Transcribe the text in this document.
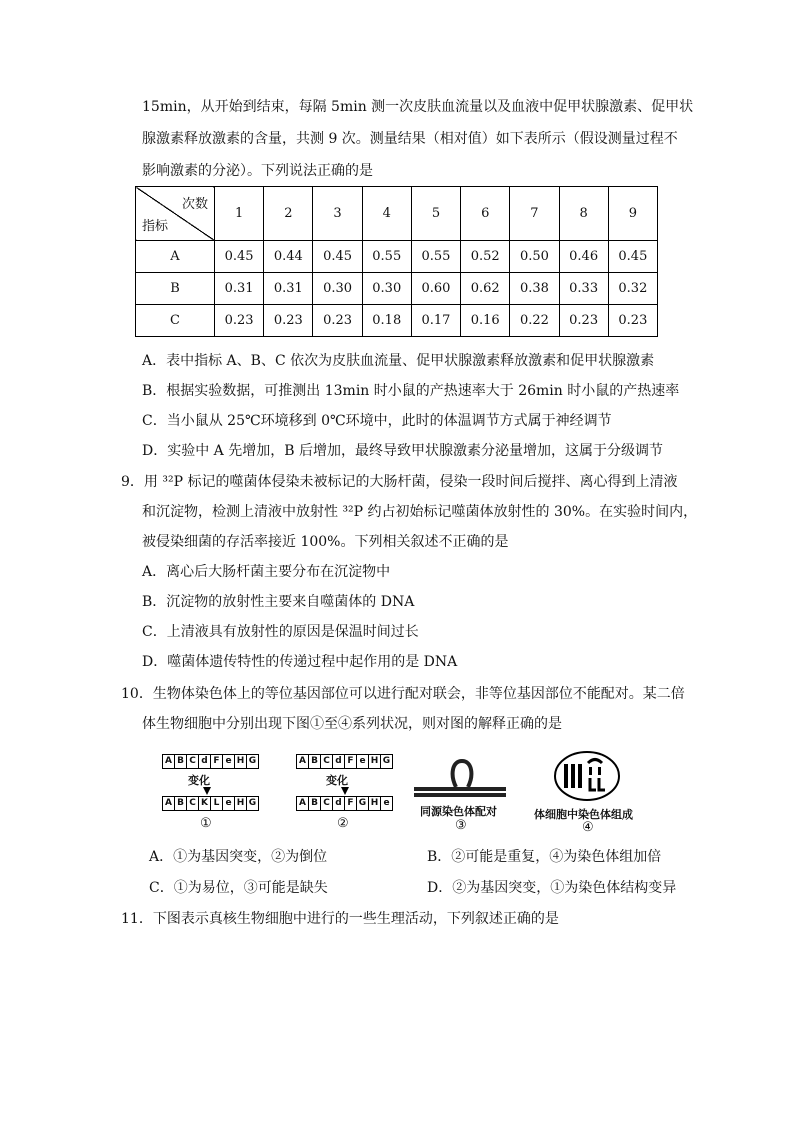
15min，从开始到结束，每隔 5min 测一次皮肤血流量以及血液中促甲状腺激素、促甲状
腺激素释放激素的含量，共测 9 次。测量结果（相对值）如下表所示（假设测量过程不
影响激素的分泌）。下列说法正确的是
次数
指标	1	2	3	4	5	6	7	8	9
A	0.45	0.44	0.45	0.55	0.55	0.52	0.50	0.46	0.45
B	0.31	0.31	0.30	0.30	0.60	0.62	0.38	0.33	0.32
C	0.23	0.23	0.23	0.18	0.17	0.16	0.22	0.23	0.23
A．表中指标 A、B、C 依次为皮肤血流量、促甲状腺激素释放激素和促甲状腺激素
B．根据实验数据，可推测出 13min 时小鼠的产热速率大于 26min 时小鼠的产热速率
C．当小鼠从 25℃环境移到 0℃环境中，此时的体温调节方式属于神经调节
D．实验中 A 先增加，B 后增加，最终导致甲状腺激素分泌量增加，这属于分级调节
9．用 ³²P 标记的噬菌体侵染未被标记的大肠杆菌，侵染一段时间后搅拌、离心得到上清液
和沉淀物，检测上清液中放射性 ³²P 约占初始标记噬菌体放射性的 30%。在实验时间内，
被侵染细菌的存活率接近 100%。下列相关叙述不正确的是
A．离心后大肠杆菌主要分布在沉淀物中
B．沉淀物的放射性主要来自噬菌体的 DNA
C．上清液具有放射性的原因是保温时间过长
D．噬菌体遗传特性的传递过程中起作用的是 DNA
10．生物体染色体上的等位基因部位可以进行配对联会，非等位基因部位不能配对。某二倍
体生物细胞中分别出现下图①至④系列状况，则对图的解释正确的是
A B C d F e H G
变化
A B C K L e H G
①
A B C d F e H G
变化
A B C d F G H e
②
同源染色体配对
③
体细胞中染色体组成
④
A．①为基因突变，②为倒位	B．②可能是重复，④为染色体组加倍
C．①为易位，③可能是缺失	D．②为基因突变，①为染色体结构变异
11．下图表示真核生物细胞中进行的一些生理活动，下列叙述正确的是
